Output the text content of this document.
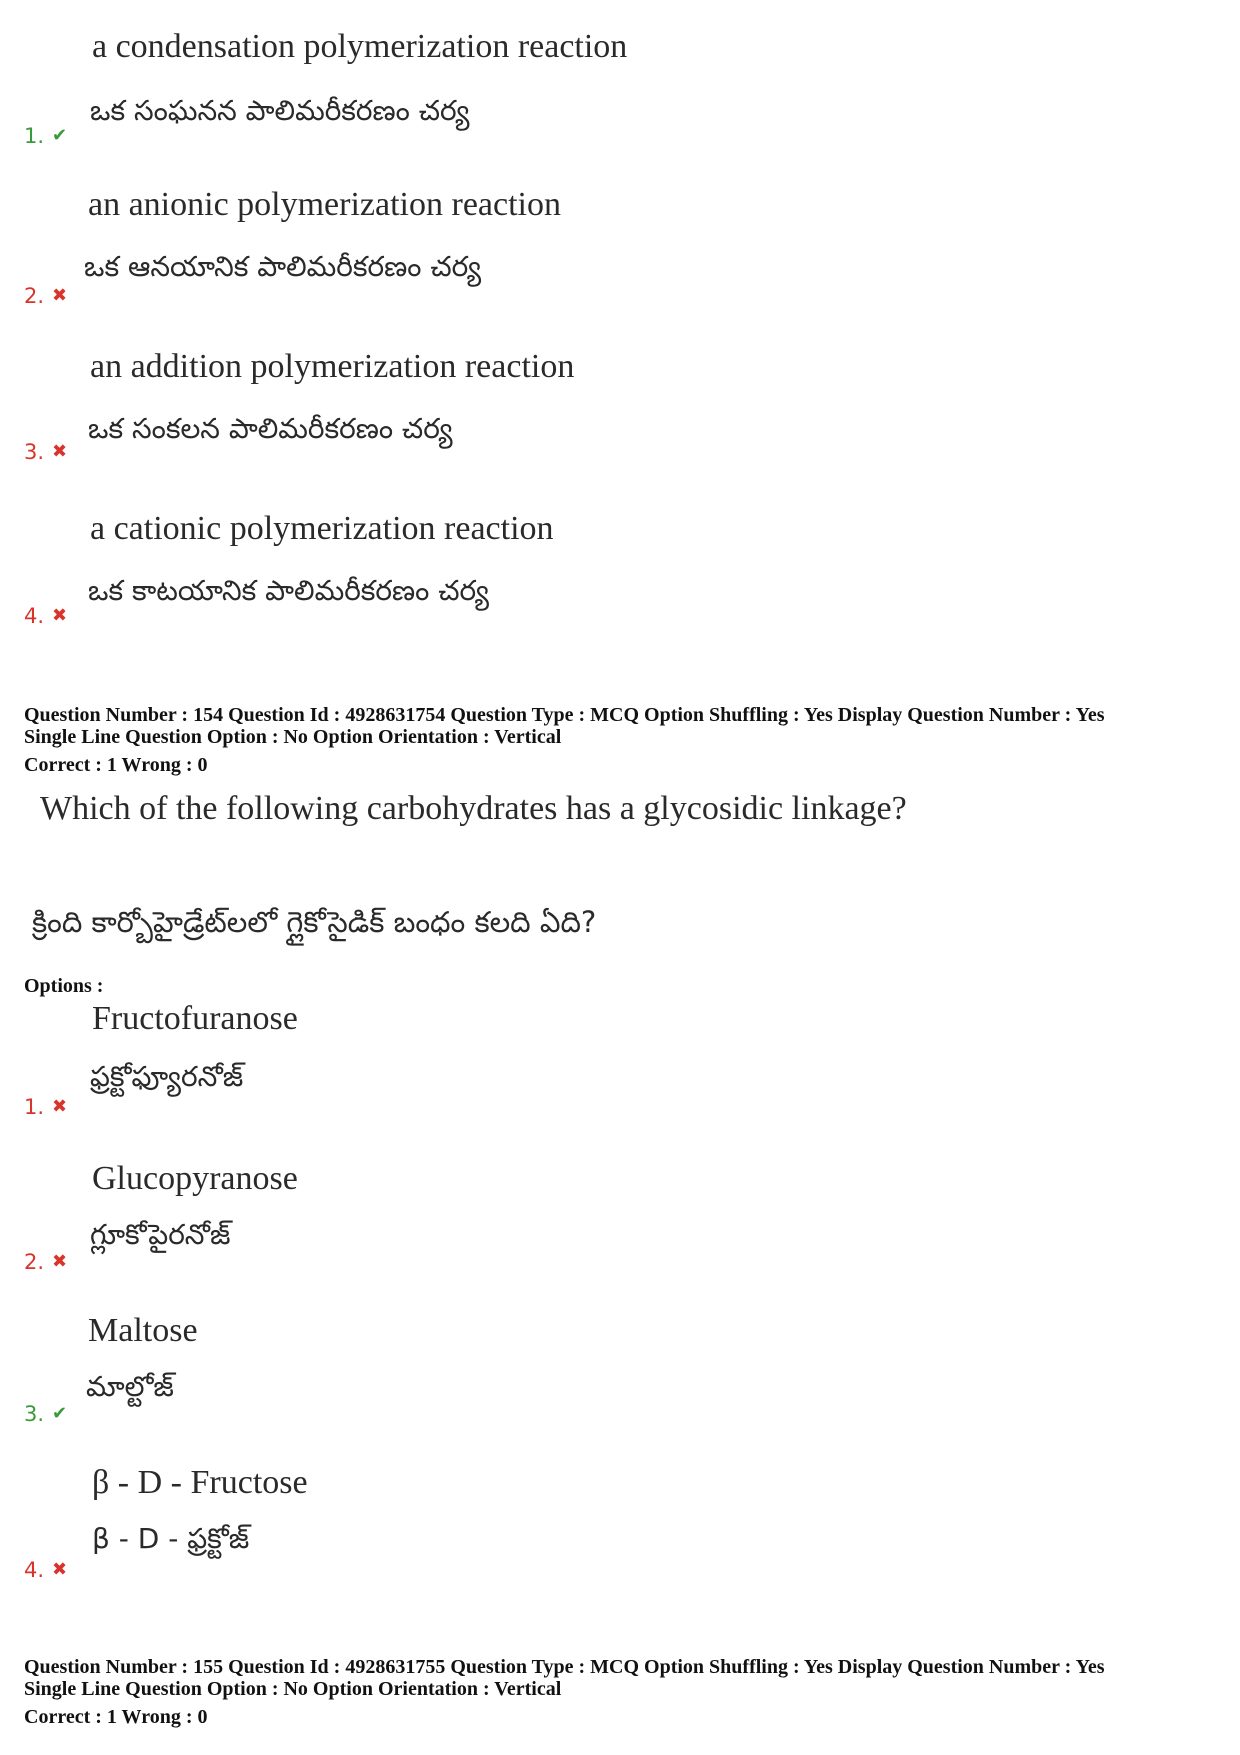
a condensation polymerization reaction
ఒక సంఘనన పాలిమరీకరణం చర్య
1. ✔
an anionic polymerization reaction
ఒక ఆనయానిక పాలిమరీకరణం చర్య
2. ✖
an addition polymerization reaction
ఒక సంకలన పాలిమరీకరణం చర్య
3. ✖
a cationic polymerization reaction
ఒక కాటయానిక పాలిమరీకరణం చర్య
4. ✖
Question Number : 154 Question Id : 4928631754 Question Type : MCQ Option Shuffling : Yes Display Question Number : Yes
Single Line Question Option : No Option Orientation : Vertical
Correct : 1 Wrong : 0
Which of the following carbohydrates has a glycosidic linkage?
క్రింది కార్బోహైడ్రేట్‌లలో గ్లైకోసైడిక్ బంధం కలది ఏది?
Options :
Fructofuranose
ఫ్రక్టోఫ్యూరనోజ్
1. ✖
Glucopyranose
గ్లూకోపైరనోజ్
2. ✖
Maltose
మాల్టోజ్
3. ✔
β - D - Fructose
β - D - ఫ్రక్టోజ్
4. ✖
Question Number : 155 Question Id : 4928631755 Question Type : MCQ Option Shuffling : Yes Display Question Number : Yes
Single Line Question Option : No Option Orientation : Vertical
Correct : 1 Wrong : 0
